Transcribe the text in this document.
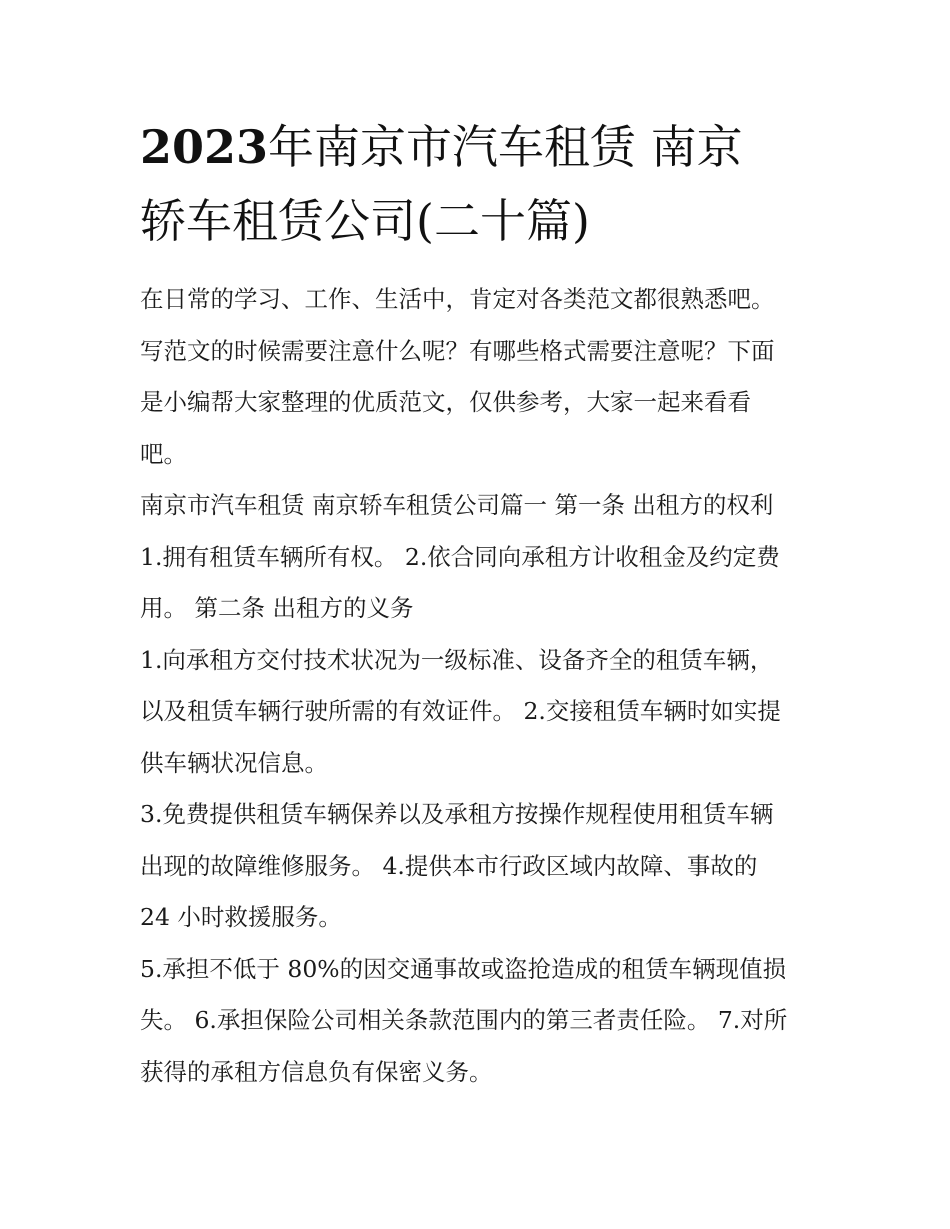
2023年南京市汽车租赁 南京
轿车租赁公司(二十篇)
在日常的学习、工作、生活中，肯定对各类范文都很熟悉吧。
写范文的时候需要注意什么呢？有哪些格式需要注意呢？下面
是小编帮大家整理的优质范文，仅供参考，大家一起来看看
吧。
南京市汽车租赁 南京轿车租赁公司篇一 第一条 出租方的权利
1.拥有租赁车辆所有权。 2.依合同向承租方计收租金及约定费
用。 第二条 出租方的义务
1.向承租方交付技术状况为一级标准、设备齐全的租赁车辆，
以及租赁车辆行驶所需的有效证件。 2.交接租赁车辆时如实提
供车辆状况信息。
3.免费提供租赁车辆保养以及承租方按操作规程使用租赁车辆
出现的故障维修服务。 4.提供本市行政区域内故障、事故的
24 小时救援服务。
5.承担不低于 80%的因交通事故或盗抢造成的租赁车辆现值损
失。 6.承担保险公司相关条款范围内的第三者责任险。 7.对所
获得的承租方信息负有保密义务。
